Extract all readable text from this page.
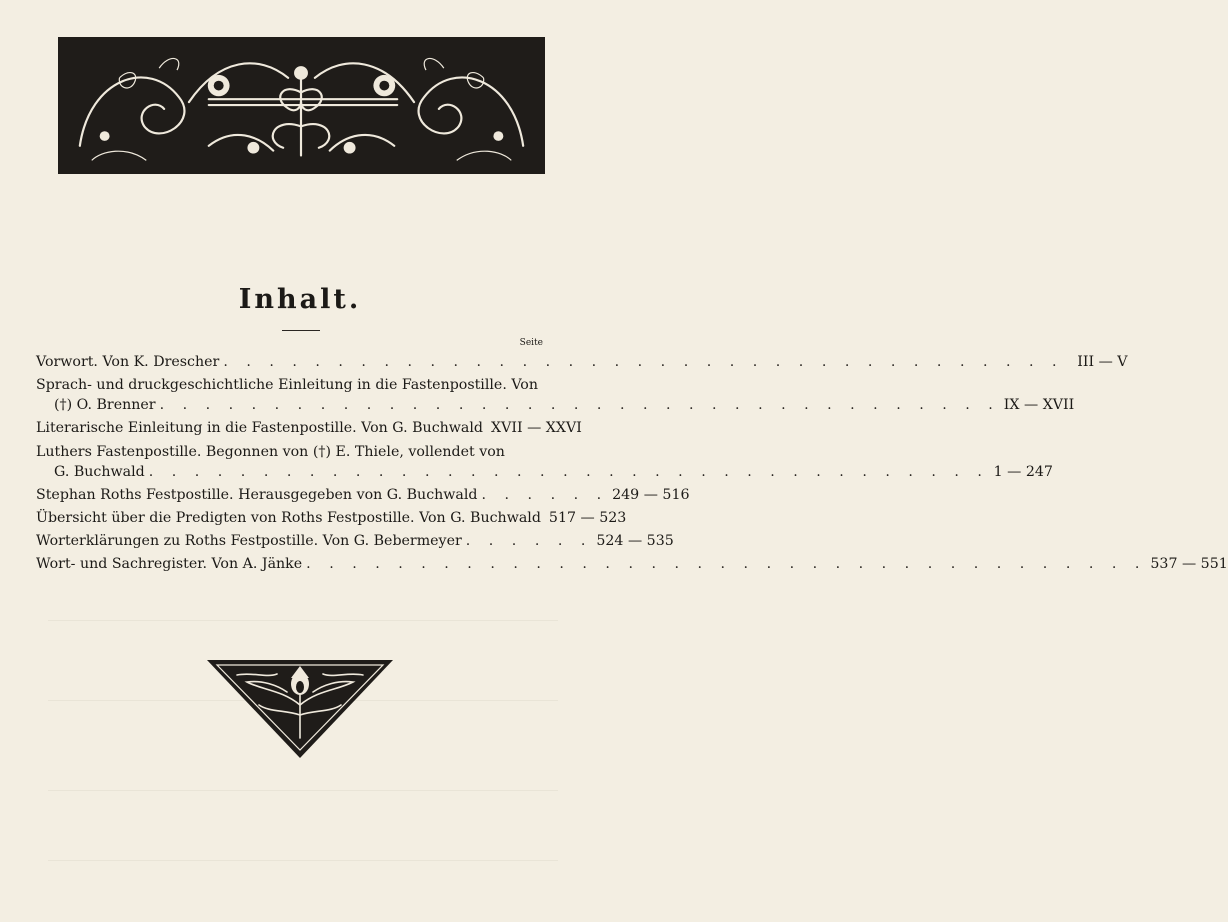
Inhalt.
Seite
Vorwort. Von K. Drescher . . . . . . . . . . . . . . . . . . . . . . . . . . . . . . . . . . . . . III — V
Sprach- und druckgeschichtliche Einleitung in die Fastenpostille. Von
(†) O. Brenner . . . . . . . . . . . . . . . . . . . . . . . . . . . . . . . . . . . . . IX — XVII
Literarische Einleitung in die Fastenpostille. Von G. Buchwald XVII — XXVI
Luthers Fastenpostille. Begonnen von (†) E. Thiele, vollendet von
G. Buchwald . . . . . . . . . . . . . . . . . . . . . . . . . . . . . . . . . . . . . 1 — 247
Stephan Roths Festpostille. Herausgegeben von G. Buchwald . . . . . . 249 — 516
Übersicht über die Predigten von Roths Festpostille. Von G. Buchwald 517 — 523
Worterklärungen zu Roths Festpostille. Von G. Bebermeyer . . . . . . 524 — 535
Wort- und Sachregister. Von A. Jänke . . . . . . . . . . . . . . . . . . . . . . . . . . . . . . . . . . . . . 537 — 551
